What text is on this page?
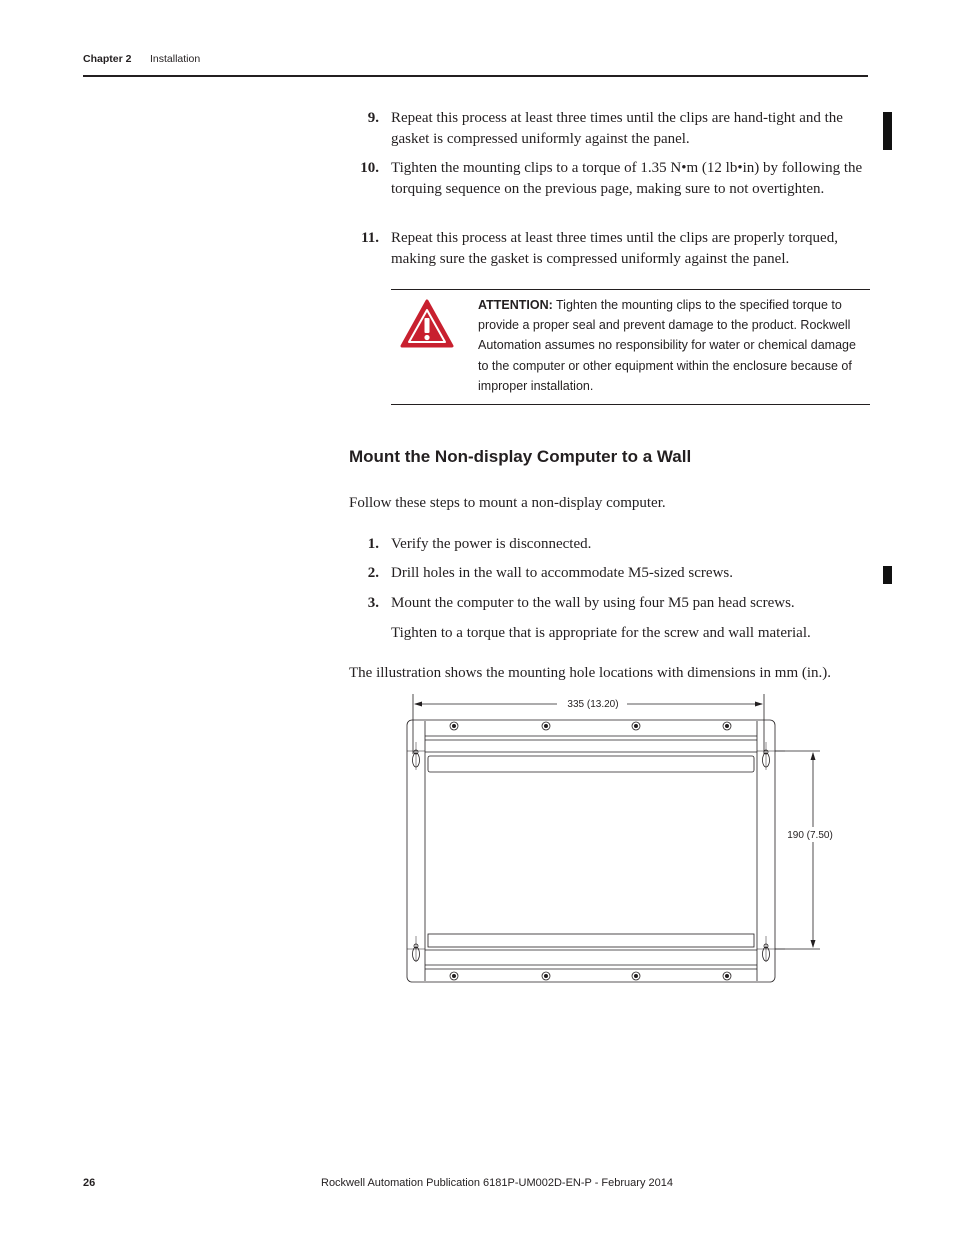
Chapter 2 Installation
9. Repeat this process at least three times until the clips are hand-tight and the gasket is compressed uniformly against the panel.
10. Tighten the mounting clips to a torque of 1.35 N•m (12 lb•in) by following the torquing sequence on the previous page, making sure to not overtighten.
11. Repeat this process at least three times until the clips are properly torqued, making sure the gasket is compressed uniformly against the panel.
ATTENTION: Tighten the mounting clips to the specified torque to provide a proper seal and prevent damage to the product. Rockwell Automation assumes no responsibility for water or chemical damage to the computer or other equipment within the enclosure because of improper installation.
Mount the Non-display Computer to a Wall
Follow these steps to mount a non-display computer.
1. Verify the power is disconnected.
2. Drill holes in the wall to accommodate M5-sized screws.
3. Mount the computer to the wall by using four M5 pan head screws.
Tighten to a torque that is appropriate for the screw and wall material.
The illustration shows the mounting hole locations with dimensions in mm (in.).
335 (13.20)
190 (7.50)
26	Rockwell Automation Publication 6181P-UM002D-EN-P - February 2014
